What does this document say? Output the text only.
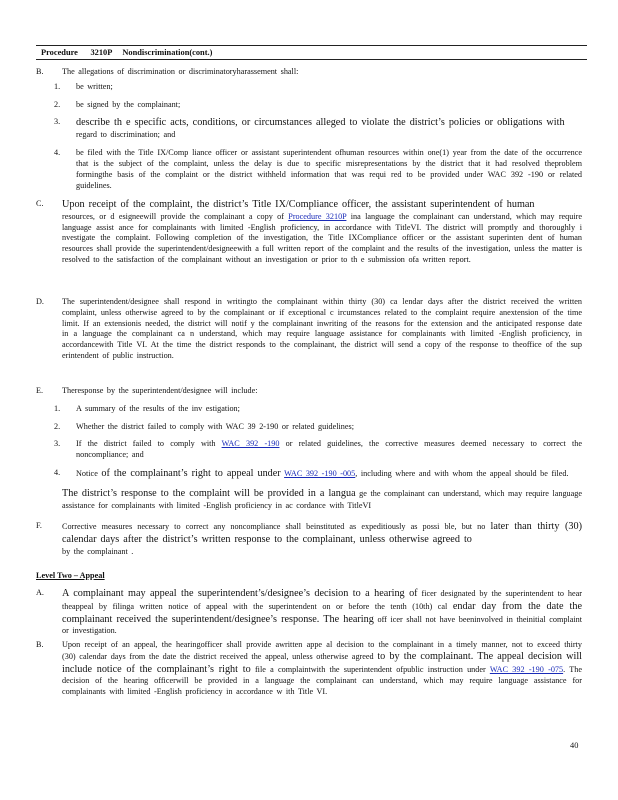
Procedure 3210P Nondiscrimination(cont.)
B.	The allegations of discrimination or discriminatoryharassement shall:
1.	be written;
2.	be signed by the complainant;
3.	describe th e specific acts, conditions, or circumstances alleged to violate the district’s policies or obligations with
regard to discrimination; and
4.	be filed with the Title IX/Comp liance officer or assistant superintendent ofhuman resources within one(1) year from the date of the occurrence that is the subject of the complaint, unless the delay is due to specific misrepresentations by the district that it had resolved theproblem formingthe basis of the complaint or the district withheld information that was requi red to be provided under WAC 392 -190 or related guidelines.
C.	Upon receipt of the complaint, the district’s Title IX/Compliance officer, the assistant superintendent of human
resources, or d esigneewill provide the complainant a copy of Procedure 3210P ina language the complainant can understand, which may require language assist ance for complainants with limited -English proficiency, in accordance with TitleVI. The district will promptly and thoroughly i nvestigate the complaint. Following completion of the investigation, the Title IXCompliance officer or the assistant superinten dent of human resources shall provide the superintendent/designeewith a full written report of the complaint and the results of the investigation, unless the matter is resolved to the satisfaction of the complainant without an investigation or prior to th e submission ofa written report.
D.	The superintendent/designee shall respond in writingto the complainant within thirty (30) ca lendar days after the district received the written complaint, unless otherwise agreed to by the complainant or if exceptional c ircumstances related to the complaint require anextension of the time limit. If an extensionis needed, the district will notif y the complainant inwriting of the reasons for the extension and the anticipated response date in a language the complainant ca n understand, which may require language assistance for complainants with limited -English proficiency, in accordancewith Title VI. At the time the district responds to the complainant, the district will send a copy of the response to theoffice of the sup erintendent of public instruction.
E.	Theresponse by the superintendent/designee will include:
1.	A summary of the results of the inv estigation;
2.	Whether the district failed to comply with WAC 39 2-190 or related guidelines;
3.	If the district failed to comply with WAC 392 -190 or related guidelines, the corrective measures deemed necessary to correct the noncompliance; and
4.	Notice of the complainant’s right to appeal under WAC 392 -190 -005, including where and with whom the appeal should be filed.
The district’s response to the complaint will be provided in a langua ge the complainant can understand, which may require language assistance for complainants with limited -English proficiency in ac cordance with TitleVI
F.	Corrective measures necessary to correct any noncompliance shall beinstituted as expeditiously as possi ble, but no later than thirty (30) calendar days after the district’s written response to the complainant, unless otherwise agreed to
by the complainant .
Level Two – Appeal
A.	A complainant may appeal the superintendent’s/designee’s decision to a hearing of ficer designated by the superintendent to hear theappeal by filinga written notice of appeal with the superintendent on or before the tenth (10th) cal endar day from the date the complainant received the superintendent/designee’s response. The hearing off icer shall not have beeninvolved in theinitial complaint or investigation.
B.	Upon receipt of an appeal, the hearingofficer shall provide awritten appe al decision to the complainant in a timely manner, not to exceed thirty (30) calendar days from the date the district received the appeal, unless otherwise agreed to by the complainant. The appeal decision will include notice of the complainant’s right to file a complaintwith the superintendent ofpublic instruction under WAC 392 -190 -075. The decision of the hearing officerwill be provided in a language the complainant can understand, which may require language assistance for complainants with limited -English proficiency in accordance w ith Title VI.
40
